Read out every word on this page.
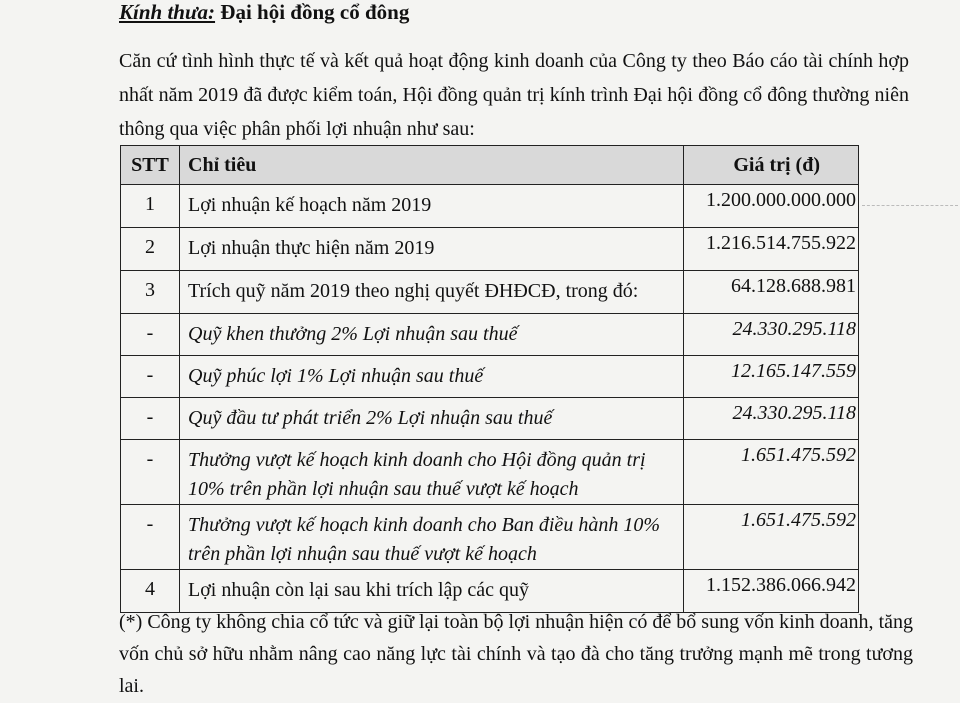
Kính thưa: Đại hội đồng cổ đông
Căn cứ tình hình thực tế và kết quả hoạt động kinh doanh của Công ty theo Báo cáo tài chính hợp nhất năm 2019 đã được kiểm toán, Hội đồng quản trị kính trình Đại hội đồng cổ đông thường niên thông qua việc phân phối lợi nhuận như sau:
STT	Chỉ tiêu	Giá trị (đ)
1	Lợi nhuận kế hoạch năm 2019	1.200.000.000.000
2	Lợi nhuận thực hiện năm 2019	1.216.514.755.922
3	Trích quỹ năm 2019 theo nghị quyết ĐHĐCĐ, trong đó:	64.128.688.981
-	Quỹ khen thưởng 2% Lợi nhuận sau thuế	24.330.295.118
-	Quỹ phúc lợi 1% Lợi nhuận sau thuế	12.165.147.559
-	Quỹ đầu tư phát triển 2% Lợi nhuận sau thuế	24.330.295.118
-	Thưởng vượt kế hoạch kinh doanh cho Hội đồng quản trị 10% trên phần lợi nhuận sau thuế vượt kế hoạch	1.651.475.592
-	Thưởng vượt kế hoạch kinh doanh cho Ban điều hành 10% trên phần lợi nhuận sau thuế vượt kế hoạch	1.651.475.592
4	Lợi nhuận còn lại sau khi trích lập các quỹ	1.152.386.066.942
(*) Công ty không chia cổ tức và giữ lại toàn bộ lợi nhuận hiện có để bổ sung vốn kinh doanh, tăng vốn chủ sở hữu nhằm nâng cao năng lực tài chính và tạo đà cho tăng trưởng mạnh mẽ trong tương lai.
